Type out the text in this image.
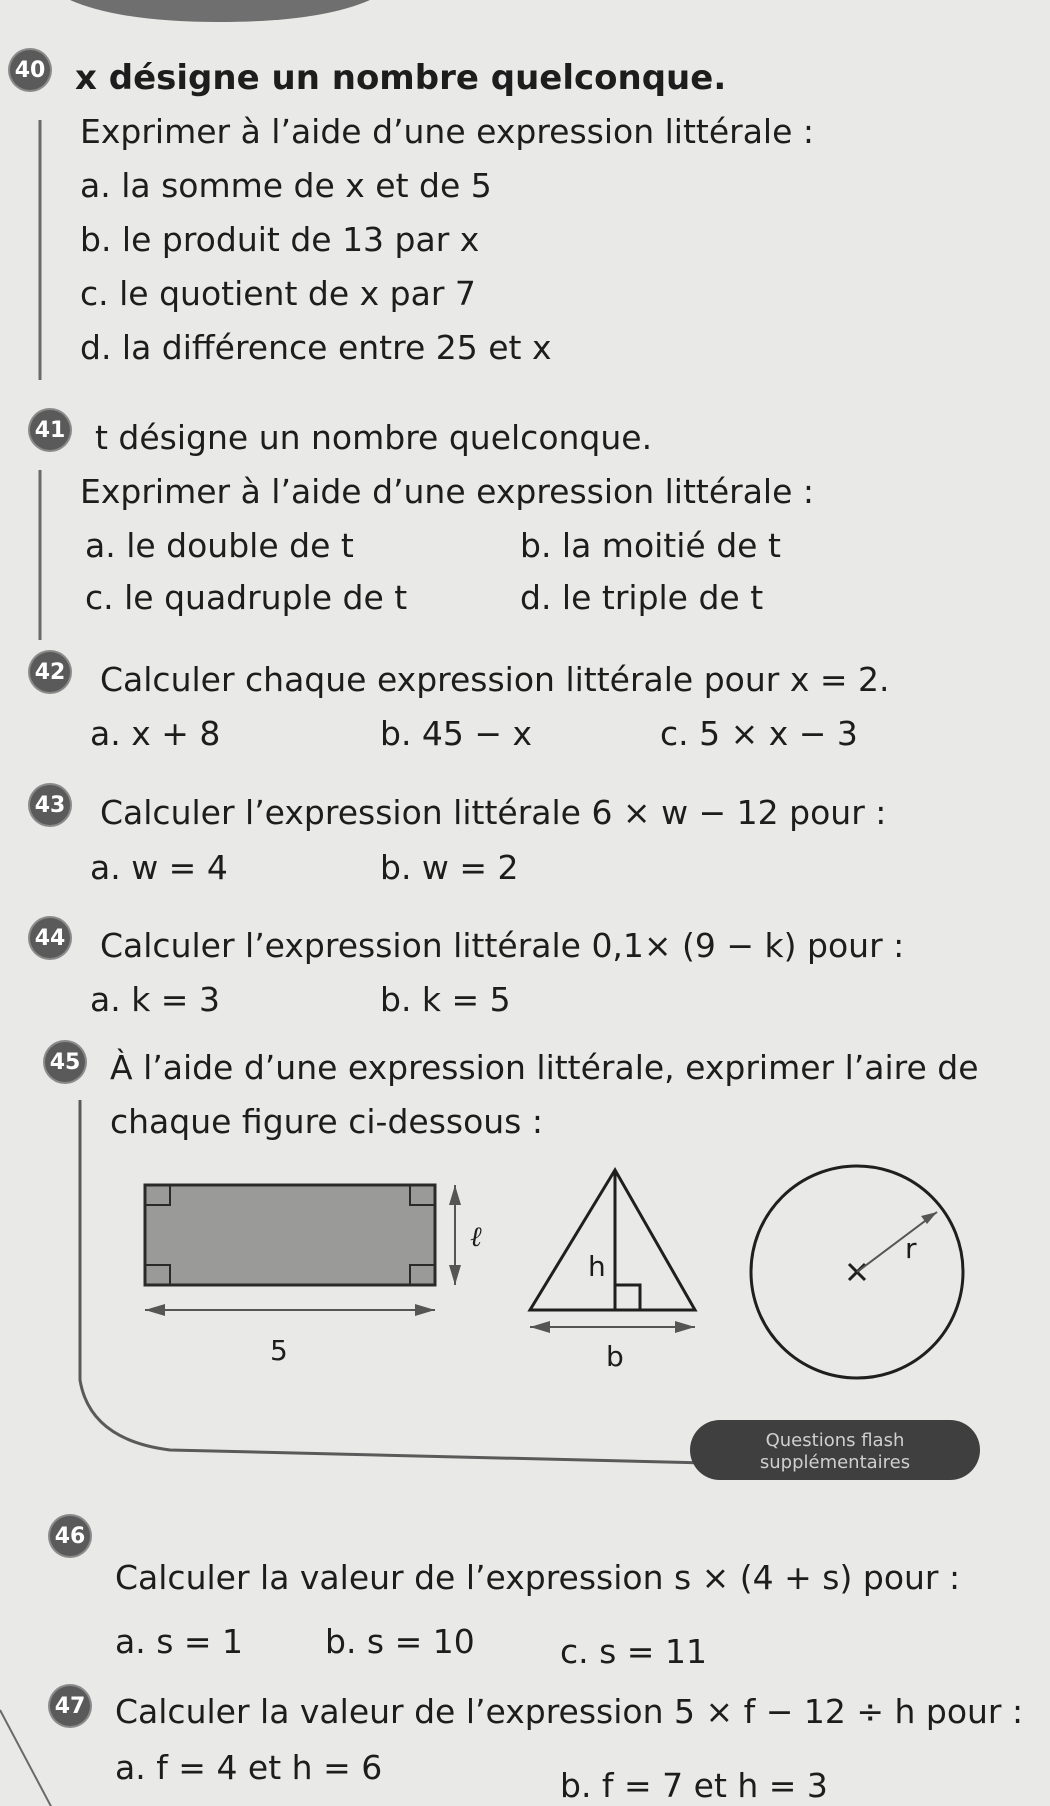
40 x désigne un nombre quelconque.
Exprimer à l’aide d’une expression littérale :
a. la somme de x et de 5
b. le produit de 13 par x
c. le quotient de x par 7
d. la différence entre 25 et x
41 t désigne un nombre quelconque.
Exprimer à l’aide d’une expression littérale :
a. le double de t	b. la moitié de t
c. le quadruple de t	d. le triple de t
42 Calculer chaque expression littérale pour x = 2.
a. x + 8	b. 45 − x	c. 5 × x − 3
43 Calculer l’expression littérale 6 × w − 12 pour :
a. w = 4	b. w = 2
44 Calculer l’expression littérale 0,1× (9 − k) pour :
a. k = 3	b. k = 5
45 À l’aide d’une expression littérale, exprimer l’aire de
chaque figure ci-dessous :
5
ℓ
h
b
r
Questions flash
supplémentaires
46
Calculer la valeur de l’expression s × (4 + s) pour :
a. s = 1 b. s = 10	c. s = 11
47 Calculer la valeur de l’expression 5 × f − 12 ÷ h pour :
a. f = 4 et h = 6	b. f = 7 et h = 3
